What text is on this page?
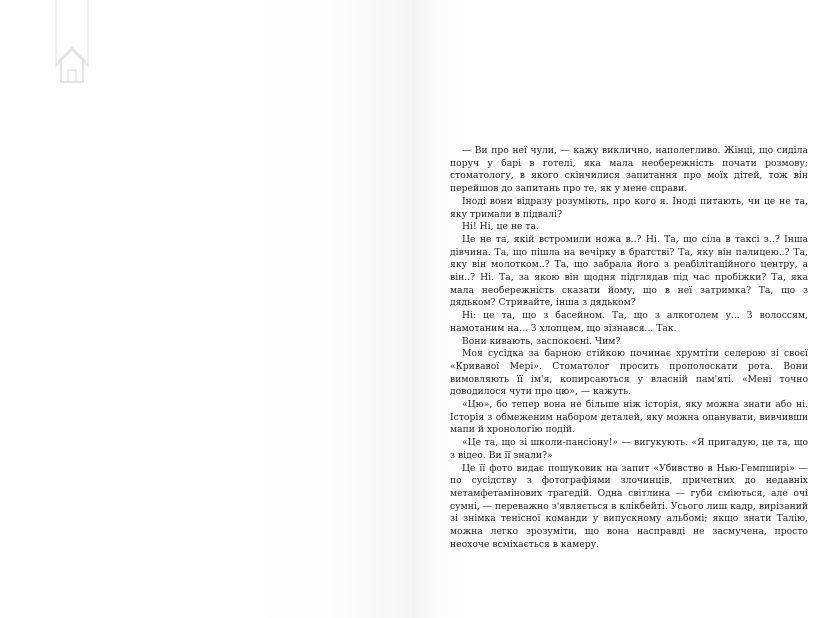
— Ви про неї чули, — кажу викличнo, наполегливо. Жінці, що сиділа поруч у барі в готелі, яка мала необережність почати розмову; стоматологу, в якого скінчилися запитання про моїх дітей, тож він перейшов до запитань про те, як у мене справи.

Іноді вони відразу розуміють, про кого я. Іноді питають, чи це не та, яку тримали в підвалі?

Ні! Ні, це не та.

Це не та, якій встромили ножа в..? Ні. Та, що сіла в таксі з..? Інша дівчина. Та, що пішла на вечірку в братстві? Та, яку він палицею..? Та, яку він молотком..? Та, що забрала його з реабілітаційного центру, а він..? Ні. Та, за якою він щодня підглядав під час пробіжки? Та, яка мала необережність сказати йому, що в неї затримка? Та, що з дядьком? Стривайте, інша з дядьком?

Ні: це та, що з басейном. Та, що з алкоголем у... З волоссям, намотаним на... З хлопцем, що зізнався... Так.

Вони кивають, заспокоєні. Чим?

Моя сусідка за барною стійкою починає хрумтіти селерою зі своєї «Кривавої Мері». Стоматолог просить прополоскати рота. Вони вимовляють її ім'я, копирсаються у власній пам'яті. «Мені точно доводилося чути про цю», — кажуть.

«Цю», бо тепер вона не більше ніж історія, яку можна знати або ні. Історія з обмеженим набором деталей, яку можна опанувати, вивчивши мапи й хронологію подій.

«Це та, що зі школи-пансіону!» — вигукують. «Я пригадую, це та, що з відео. Ви її знали?»

Це її фото видає пошуковик на запит «Убивство в Нью-Гемпширі» — по сусідству з фотографіями злочинців, причетних до недавніх метамфетамінових трагедій. Одна світлина — губи сміються, але очі сумні, — переважно з'являється в клікбейті. Усього лиш кадр, вирізаний зі знімка тенісної команди у випускному альбомі; якщо знати Талію, можна легко зрозуміти, що вона насправді не засмучена, просто неохоче всміхається в камеру.
